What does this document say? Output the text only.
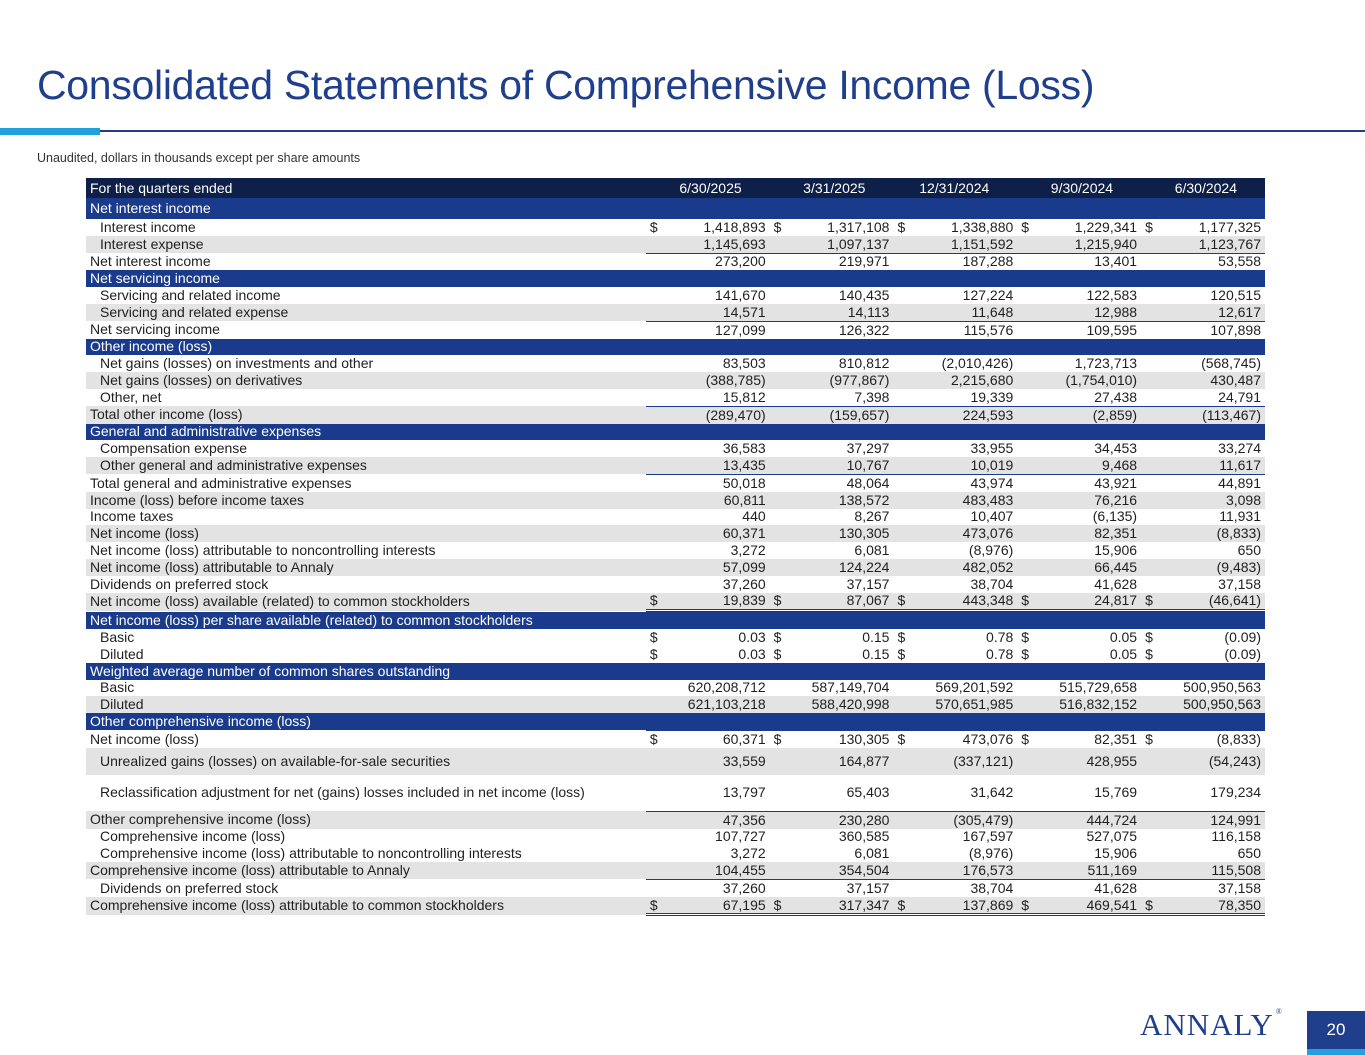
Consolidated Statements of Comprehensive Income (Loss)
Unaudited, dollars in thousands except per share amounts
For the quarters ended	6/30/2025		3/31/2025		12/31/2024		9/30/2024		6/30/2024	
Net interest income										
Interest income	$	1,418,893	$	1,317,108	$	1,338,880	$	1,229,341	$	1,177,325
Interest expense		1,145,693		1,097,137		1,151,592		1,215,940		1,123,767
Net interest income		273,200		219,971		187,288		13,401		53,558
Net servicing income										
Servicing and related income		141,670		140,435		127,224		122,583		120,515
Servicing and related expense		14,571		14,113		11,648		12,988		12,617
Net servicing income		127,099		126,322		115,576		109,595		107,898
Other income (loss)										
Net gains (losses) on investments and other		83,503		810,812		(2,010,426)		1,723,713		(568,745)
Net gains (losses) on derivatives		(388,785)		(977,867)		2,215,680		(1,754,010)		430,487
Other, net		15,812		7,398		19,339		27,438		24,791
Total other income (loss)		(289,470)		(159,657)		224,593		(2,859)		(113,467)
General and administrative expenses										
Compensation expense		36,583		37,297		33,955		34,453		33,274
Other general and administrative expenses		13,435		10,767		10,019		9,468		11,617
Total general and administrative expenses		50,018		48,064		43,974		43,921		44,891
Income (loss) before income taxes		60,811		138,572		483,483		76,216		3,098
Income taxes		440		8,267		10,407		(6,135)		11,931
Net income (loss)		60,371		130,305		473,076		82,351		(8,833)
Net income (loss) attributable to noncontrolling interests		3,272		6,081		(8,976)		15,906		650
Net income (loss) attributable to Annaly		57,099		124,224		482,052		66,445		(9,483)
Dividends on preferred stock		37,260		37,157		38,704		41,628		37,158
Net income (loss) available (related) to common stockholders	$	19,839	$	87,067	$	443,348	$	24,817	$	(46,641)
Net income (loss) per share available (related) to common stockholders										
Basic	$	0.03	$	0.15	$	0.78	$	0.05	$	(0.09)
Diluted	$	0.03	$	0.15	$	0.78	$	0.05	$	(0.09)
Weighted average number of common shares outstanding										
Basic		620,208,712		587,149,704		569,201,592		515,729,658		500,950,563
Diluted		621,103,218		588,420,998		570,651,985		516,832,152		500,950,563
Other comprehensive income (loss)										
Net income (loss)	$	60,371	$	130,305	$	473,076	$	82,351	$	(8,833)
Unrealized gains (losses) on available-for-sale securities		33,559		164,877		(337,121)		428,955		(54,243)
Reclassification adjustment for net (gains) losses included in net income (loss)		13,797		65,403		31,642		15,769		179,234
Other comprehensive income (loss)		47,356		230,280		(305,479)		444,724		124,991
Comprehensive income (loss)		107,727		360,585		167,597		527,075		116,158
Comprehensive income (loss) attributable to noncontrolling interests		3,272		6,081		(8,976)		15,906		650
Comprehensive income (loss) attributable to Annaly		104,455		354,504		176,573		511,169		115,508
Dividends on preferred stock		37,260		37,157		38,704		41,628		37,158
Comprehensive income (loss) attributable to common stockholders	$	67,195	$	317,347	$	137,869	$	469,541	$	78,350
ANNALY ®
20
